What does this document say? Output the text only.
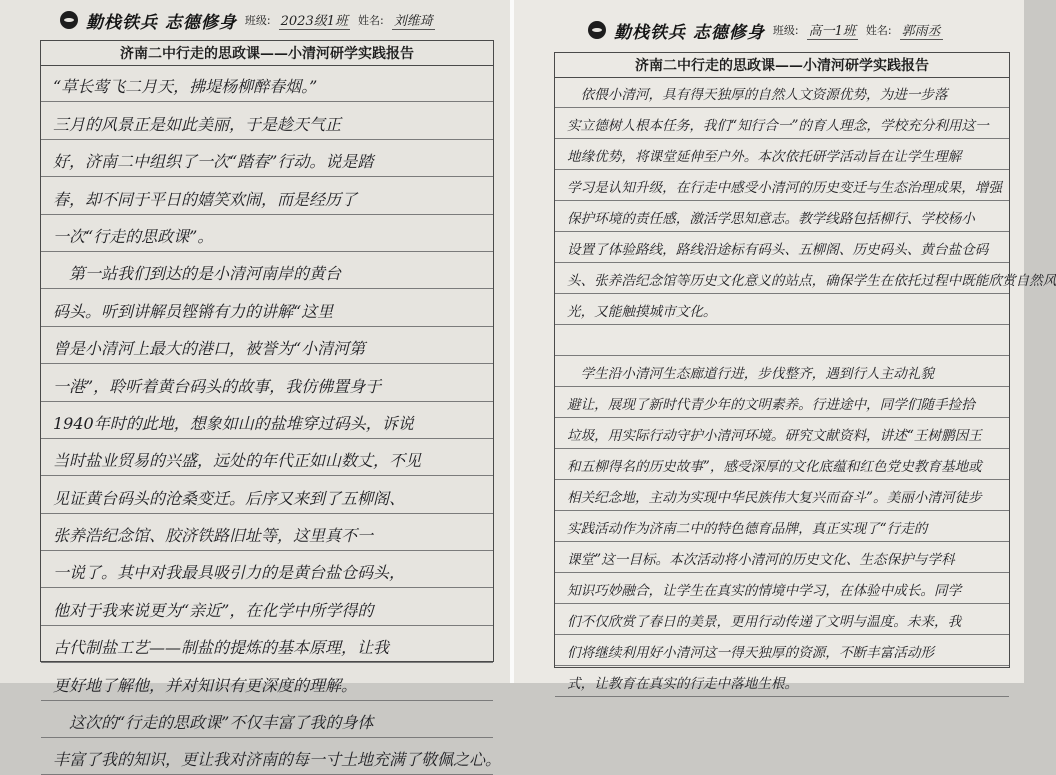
勤栈铁兵 志德修身 班级: 2023级1班 姓名: 刘维琦
济南二中行走的思政课——小清河研学实践报告
“草长莺飞二月天，拂堤杨柳醉春烟。”
三月的风景正是如此美丽，于是趁天气正
好，济南二中组织了一次“踏春”行动。说是踏
春，却不同于平日的嬉笑欢闹，而是经历了
一次“行走的思政课”。
　第一站我们到达的是小清河南岸的黄台
码头。听到讲解员铿锵有力的讲解“这里
曾是小清河上最大的港口，被誉为“小清河第
一港”，聆听着黄台码头的故事，我仿佛置身于
1940年时的此地，想象如山的盐堆穿过码头，诉说
当时盐业贸易的兴盛，远处的年代正如山数丈，不见
见证黄台码头的沧桑变迁。后序又来到了五柳阁、
张养浩纪念馆、胶济铁路旧址等，这里真不一
一说了。其中对我最具吸引力的是黄台盐仓码头，
他对于我来说更为“亲近”，在化学中所学得的
古代制盐工艺——制盐的提炼的基本原理，让我
更好地了解他，并对知识有更深度的理解。
　这次的“行走的思政课”不仅丰富了我的身体
丰富了我的知识，更让我对济南的每一寸土地充满了敬佩之心。
勤栈铁兵 志德修身 班级: 高一1班 姓名: 郭雨丞
济南二中行走的思政课——小清河研学实践报告
　依偎小清河，具有得天独厚的自然人文资源优势，为进一步落
实立德树人根本任务，我们“知行合一”的育人理念，学校充分利用这一
地缘优势，将课堂延伸至户外。本次依托研学活动旨在让学生理解
学习是认知升级，在行走中感受小清河的历史变迁与生态治理成果，增强
保护环境的责任感，激活学思知意志。教学线路包括柳行、学校杨小
设置了体验路线，路线沿途标有码头、五柳阁、历史码头、黄台盐仓码
头、张养浩纪念馆等历史文化意义的站点，确保学生在依托过程中既能欣赏自然风
光，又能触摸城市文化。
　学生沿小清河生态廊道行进，步伐整齐，遇到行人主动礼貌
避让，展现了新时代青少年的文明素养。行进途中，同学们随手捡拾
垃圾，用实际行动守护小清河环境。研究文献资料，讲述“王树鹏因王
和五柳得名的历史故事”，感受深厚的文化底蕴和红色党史教育基地或
相关纪念地，主动为实现中华民族伟大复兴而奋斗”。美丽小清河徒步
实践活动作为济南二中的特色德育品牌，真正实现了“行走的
课堂”这一目标。本次活动将小清河的历史文化、生态保护与学科
知识巧妙融合，让学生在真实的情境中学习，在体验中成长。同学
们不仅欣赏了春日的美景，更用行动传递了文明与温度。未来，我
们将继续利用好小清河这一得天独厚的资源，不断丰富活动形
式，让教育在真实的行走中落地生根。
